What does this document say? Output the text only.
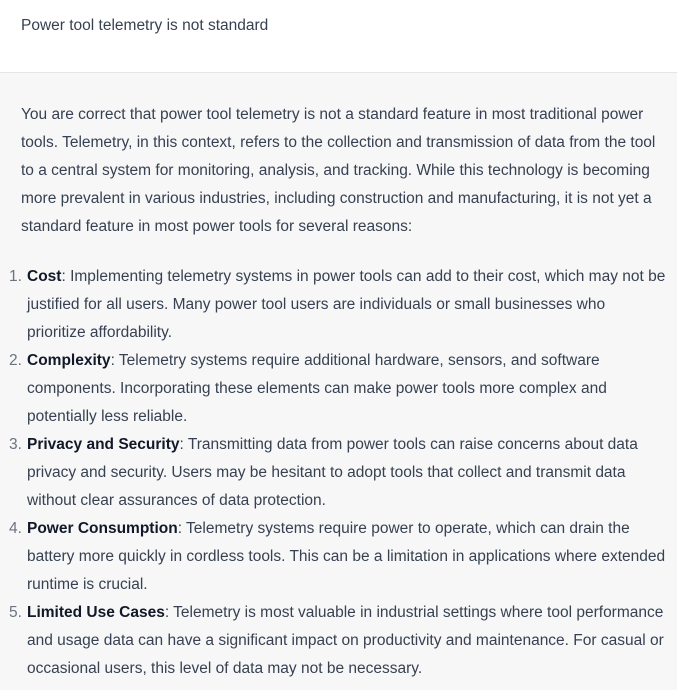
Power tool telemetry is not standard

You are correct that power tool telemetry is not a standard feature in most traditional power tools. Telemetry, in this context, refers to the collection and transmission of data from the tool to a central system for monitoring, analysis, and tracking. While this technology is becoming more prevalent in various industries, including construction and manufacturing, it is not yet a standard feature in most power tools for several reasons:

1. Cost: Implementing telemetry systems in power tools can add to their cost, which may not be justified for all users. Many power tool users are individuals or small businesses who prioritize affordability.
2. Complexity: Telemetry systems require additional hardware, sensors, and software components. Incorporating these elements can make power tools more complex and potentially less reliable.
3. Privacy and Security: Transmitting data from power tools can raise concerns about data privacy and security. Users may be hesitant to adopt tools that collect and transmit data without clear assurances of data protection.
4. Power Consumption: Telemetry systems require power to operate, which can drain the battery more quickly in cordless tools. This can be a limitation in applications where extended runtime is crucial.
5. Limited Use Cases: Telemetry is most valuable in industrial settings where tool performance and usage data can have a significant impact on productivity and maintenance. For casual or occasional users, this level of data may not be necessary.
